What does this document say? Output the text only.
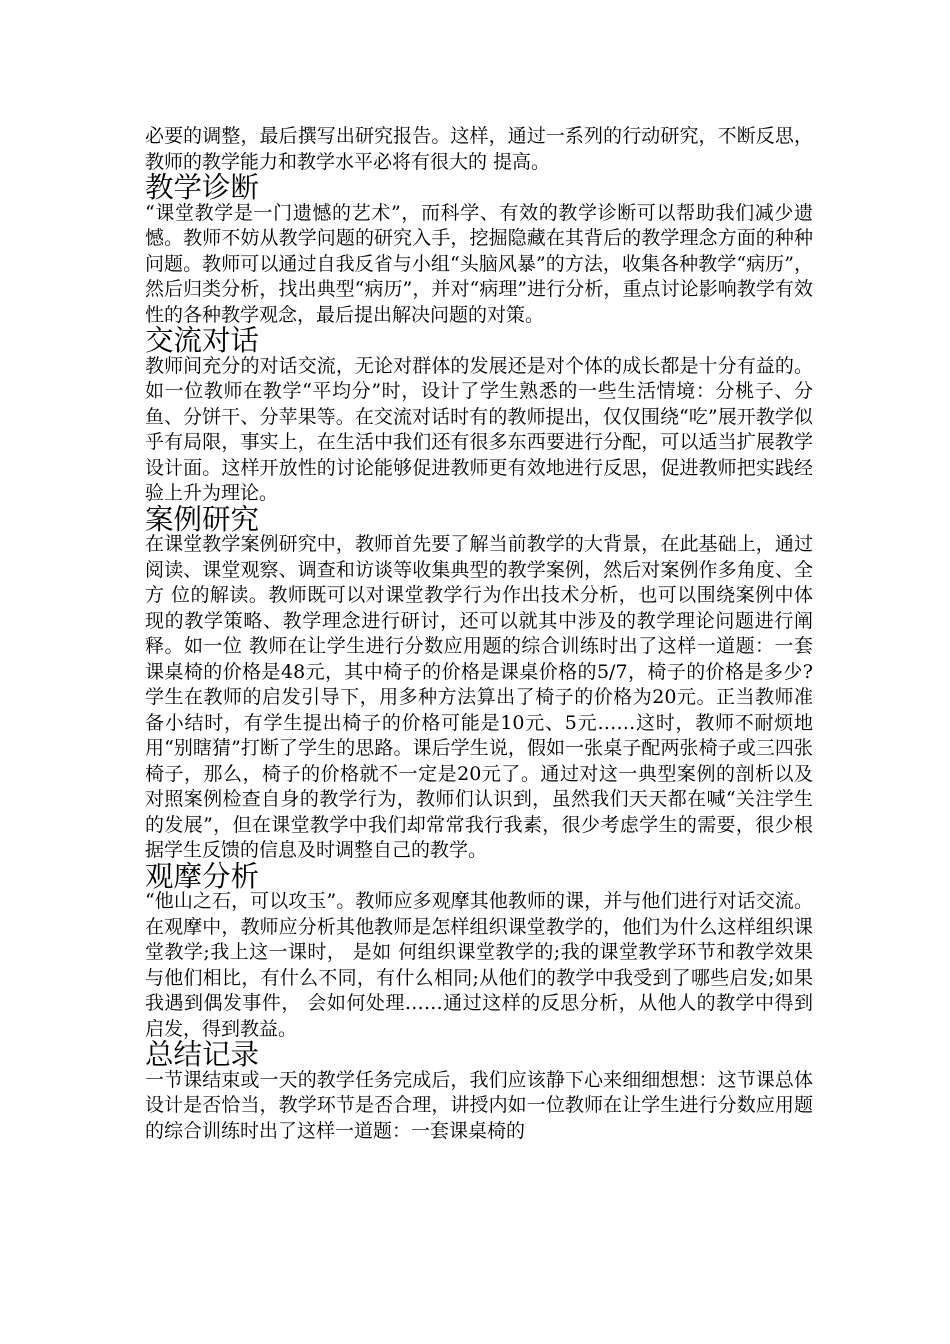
必要的调整，最后撰写出研究报告。这样，通过一系列的行动研究，不断反思，教师的教学能力和教学水平必将有很大的 提高。

教学诊断

“课堂教学是一门遗憾的艺术”，而科学、有效的教学诊断可以帮助我们减少遗憾。教师不妨从教学问题的研究入手，挖掘隐藏在其背后的教学理念方面的种种问题。教师可以通过自我反省与小组“头脑风暴”的方法，收集各种教学“病历”，然后归类分析，找出典型“病历”，并对“病理”进行分析，重点讨论影响教学有效性的各种教学观念，最后提出解决问题的对策。

交流对话

教师间充分的对话交流，无论对群体的发展还是对个体的成长都是十分有益的。如一位教师在教学“平均分”时，设计了学生熟悉的一些生活情境：分桃子、分鱼、分饼干、分苹果等。在交流对话时有的教师提出，仅仅围绕“吃”展开教学似乎有局限，事实上，在生活中我们还有很多东西要进行分配，可以适当扩展教学设计面。这样开放性的讨论能够促进教师更有效地进行反思，促进教师把实践经验上升为理论。

案例研究

在课堂教学案例研究中，教师首先要了解当前教学的大背景，在此基础上，通过阅读、课堂观察、调查和访谈等收集典型的教学案例，然后对案例作多角度、全方 位的解读。教师既可以对课堂教学行为作出技术分析，也可以围绕案例中体现的教学策略、教学理念进行研讨，还可以就其中涉及的教学理论问题进行阐释。如一位 教师在让学生进行分数应用题的综合训练时出了这样一道题：一套课桌椅的价格是48元，其中椅子的价格是课桌价格的5/7，椅子的价格是多少?学生在教师的启发引导下，用多种方法算出了椅子的价格为20元。正当教师准备小结时，有学生提出椅子的价格可能是10元、5元……这时，教师不耐烦地用“别瞎猜”打断了学生的思路。课后学生说，假如一张桌子配两张椅子或三四张椅子，那么，椅子的价格就不一定是20元了。通过对这一典型案例的剖析以及对照案例检查自身的教学行为，教师们认识到，虽然我们天天都在喊“关注学生的发展”，但在课堂教学中我们却常常我行我素，很少考虑学生的需要，很少根据学生反馈的信息及时调整自己的教学。

观摩分析

“他山之石，可以攻玉”。教师应多观摩其他教师的课，并与他们进行对话交流。在观摩中，教师应分析其他教师是怎样组织课堂教学的，他们为什么这样组织课堂教学;我上这一课时， 是如 何组织课堂教学的;我的课堂教学环节和教学效果与他们相比，有什么不同，有什么相同;从他们的教学中我受到了哪些启发;如果我遇到偶发事件， 会如何处理……通过这样的反思分析，从他人的教学中得到启发，得到教益。

总结记录

一节课结束或一天的教学任务完成后，我们应该静下心来细细想想：这节课总体设计是否恰当，教学环节是否合理，讲授内如一位教师在让学生进行分数应用题的综合训练时出了这样一道题：一套课桌椅的
